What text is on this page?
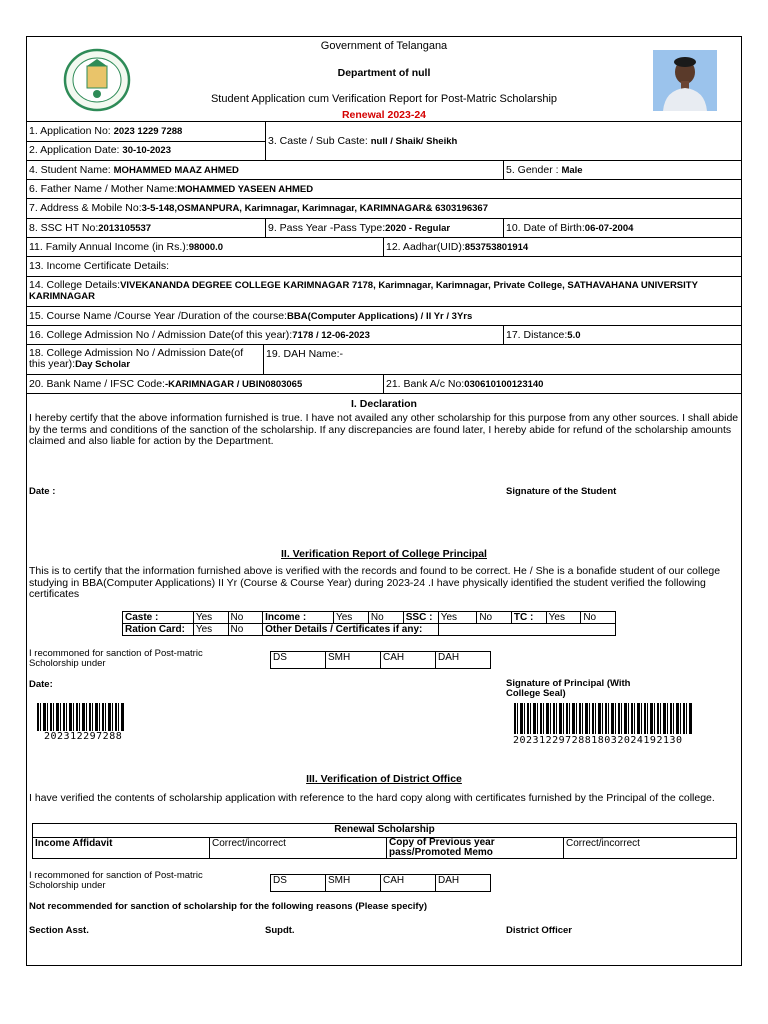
Government of Telangana
Department of null
Student Application cum Verification Report for Post-Matric Scholarship
Renewal 2023-24
1. Application No: 2023 1229 7288
2. Application Date: 30-10-2023
3. Caste / Sub Caste: null / Shaik/ Sheikh
4. Student Name: MOHAMMED MAAZ AHMED	5. Gender : Male
6. Father Name / Mother Name:MOHAMMED YASEEN AHMED
7. Address & Mobile No:3-5-148,OSMANPURA, Karimnagar, Karimnagar, KARIMNAGAR& 6303196367
8. SSC HT No:2013105537	9. Pass Year -Pass Type:2020 - Regular	10. Date of Birth:06-07-2004
11. Family Annual Income (in Rs.):98000.0	12. Aadhar(UID):853753801914
13. Income Certificate Details:
14. College Details:VIVEKANANDA DEGREE COLLEGE KARIMNAGAR 7178, Karimnagar, Karimnagar, Private College, SATHAVAHANA UNIVERSITY KARIMNAGAR
15. Course Name /Course Year /Duration of the course:BBA(Computer Applications) / II Yr / 3Yrs
16. College Admission No / Admission Date(of this year):7178 / 12-06-2023	17. Distance:5.0
18. College Admission No / Admission Date(of this year):Day Scholar
19. DAH Name:-
20. Bank Name / IFSC Code:-KARIMNAGAR / UBIN0803065	21. Bank A/c No:030610100123140
I. Declaration
I hereby certify that the above information furnished is true. I have not availed any other scholarship for this purpose from any other sources. I shall abide by the terms and conditions of the sanction of the scholarship. If any discrepancies are found later, I hereby abide for refund of the scholarship amounts claimed and also liable for action by the Department.
Date :	Signature of the Student
II. Verification Report of College Principal
This is to certify that the information furnished above is verified with the records and found to be correct. He / She is a bonafide student of our college studying in BBA(Computer Applications) II Yr (Course & Course Year) during 2023-24 .I have physically identified the student verified the following certificates
Caste :	Yes	No	Income :	Yes	No	SSC :	Yes	No	TC :	Yes	No
Ration Card:	Yes	No	Other Details / Certificates if any:								
I recommoned for sanction of Post-matric Scholorship under
DS	SMH	CAH	DAH
Date:	Signature of Principal (With College Seal)
202312297288	20231229728818032024192130
III. Verification of District Office
I have verified the contents of scholarship application with reference to the hard copy along with certificates furnished by the Principal of the college.
Renewal Scholarship
Income Affidavit	Correct/incorrect	Copy of Previous year pass/Promoted Memo	Correct/incorrect
I recommoned for sanction of Post-matric Scholorship under	DS	SMH	CAH	DAH
Not recommended for sanction of scholarship for the following reasons (Please specify)
Section Asst.	Supdt.	District Officer
